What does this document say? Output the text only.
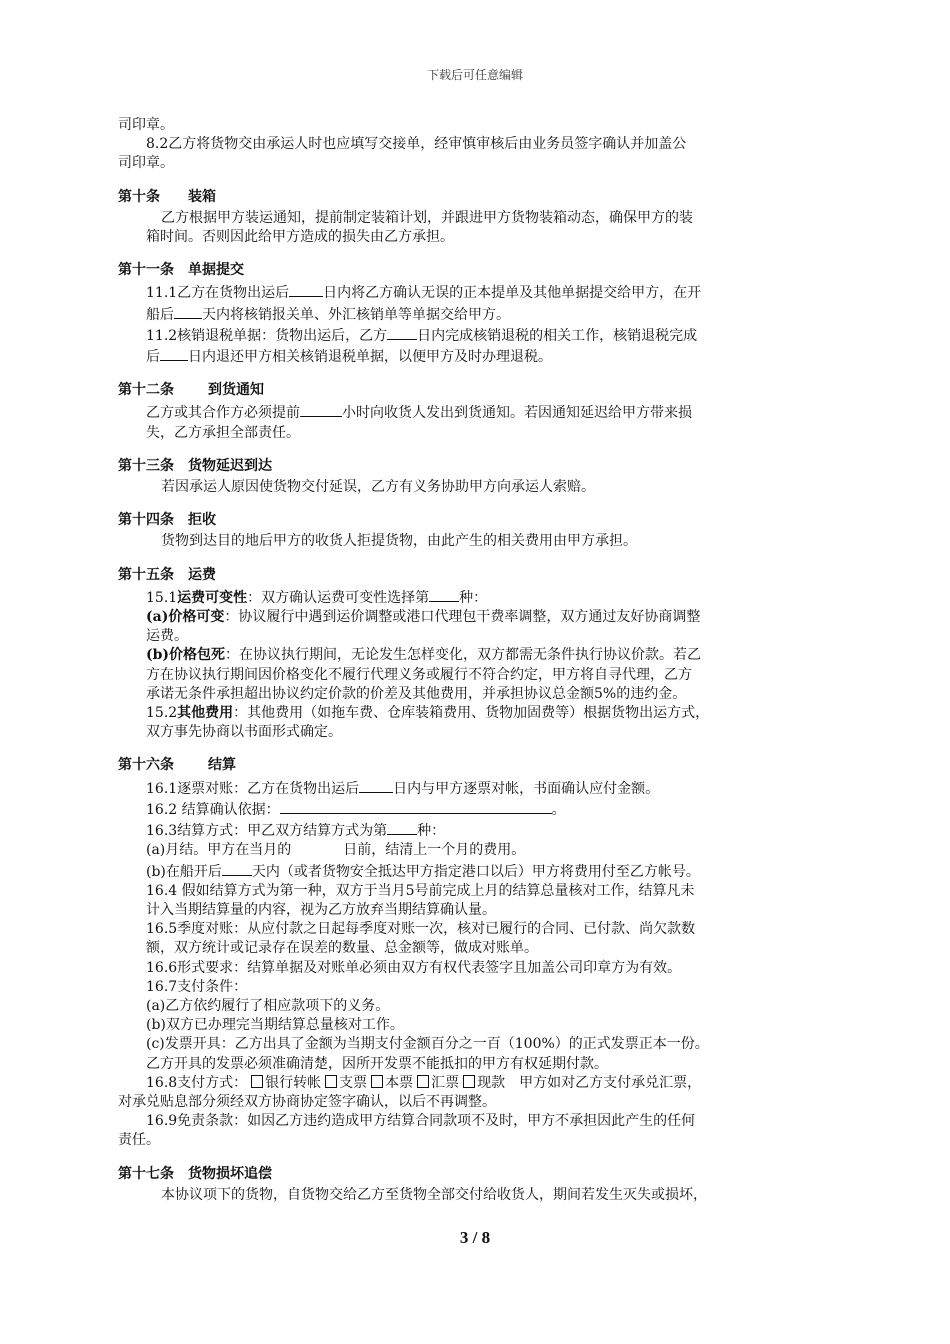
下载后可任意编辑

司印章。

8.2乙方将货物交由承运人时也应填写交接单，经审慎审核后由业务员签字确认并加盖公

司印章。

第十条 装箱

乙方根据甲方装运通知，提前制定装箱计划，并跟进甲方货物装箱动态，确保甲方的装

箱时间。否则因此给甲方造成的损失由乙方承担。

第十一条 单据提交

11.1乙方在货物出运后 日内将乙方确认无误的正本提单及其他单据提交给甲方，在开

船后 天内将核销报关单、外汇核销单等单据交给甲方。

11.2核销退税单据：货物出运后，乙方 日内完成核销退税的相关工作，核销退税完成

后 日内退还甲方相关核销退税单据，以便甲方及时办理退税。

第十二条 到货通知

乙方或其合作方必须提前	小时向收货人发出到货通知。若因通知延迟给甲方带来损

失，乙方承担全部责任。

第十三条 货物延迟到达

若因承运人原因使货物交付延误，乙方有义务协助甲方向承运人索赔。

第十四条 拒收

货物到达目的地后甲方的收货人拒提货物，由此产生的相关费用由甲方承担。

第十五条 运费

15.1运费可变性：双方确认运费可变性选择第 种：

(a)价格可变：协议履行中遇到运价调整或港口代理包干费率调整，双方通过友好协商调整

运费。

(b)价格包死：在协议执行期间，无论发生怎样变化，双方都需无条件执行协议价款。若乙

方在协议执行期间因价格变化不履行代理义务或履行不符合约定，甲方将自寻代理，乙方

承诺无条件承担超出协议约定价款的价差及其他费用，并承担协议总金额5%的违约金。

15.2其他费用：其他费用（如拖车费、仓库装箱费用、货物加固费等）根据货物出运方式，

双方事先协商以书面形式确定。

第十六条 结算

16.1逐票对账：乙方在货物出运后 日内与甲方逐票对帐，书面确认应付金额。

16.2 结算确认依据：	。

16.3结算方式：甲乙双方结算方式为第 种：

(a)月结。甲方在当月的	日前，结清上一个月的费用。

(b)在船开后 天内（或者货物安全抵达甲方指定港口以后）甲方将费用付至乙方帐号。

16.4 假如结算方式为第一种，双方于当月5号前完成上月的结算总量核对工作，结算凡未

计入当期结算量的内容，视为乙方放弃当期结算确认量。

16.5季度对账：从应付款之日起每季度对账一次，核对已履行的合同、已付款、尚欠款数

额，双方统计或记录存在误差的数量、总金额等，做成对账单。

16.6形式要求：结算单据及对账单必须由双方有权代表签字且加盖公司印章方为有效。

16.7支付条件：

(a)乙方依约履行了相应款项下的义务。

(b)双方已办理完当期结算总量核对工作。

(c)发票开具：乙方出具了金额为当期支付金额百分之一百（100%）的正式发票正本一份。

乙方开具的发票必须准确清楚，因所开发票不能抵扣的甲方有权延期付款。

16.8支付方式： 银行转帐 支票 本票 汇票 现款 甲方如对乙方支付承兑汇票，

对承兑贴息部分须经双方协商协定签字确认，以后不再调整。

16.9免责条款：如因乙方违约造成甲方结算合同款项不及时，甲方不承担因此产生的任何

责任。

第十七条 货物损坏追偿

本协议项下的货物，自货物交给乙方至货物全部交付给收货人，期间若发生灭失或损坏，

3 / 8
